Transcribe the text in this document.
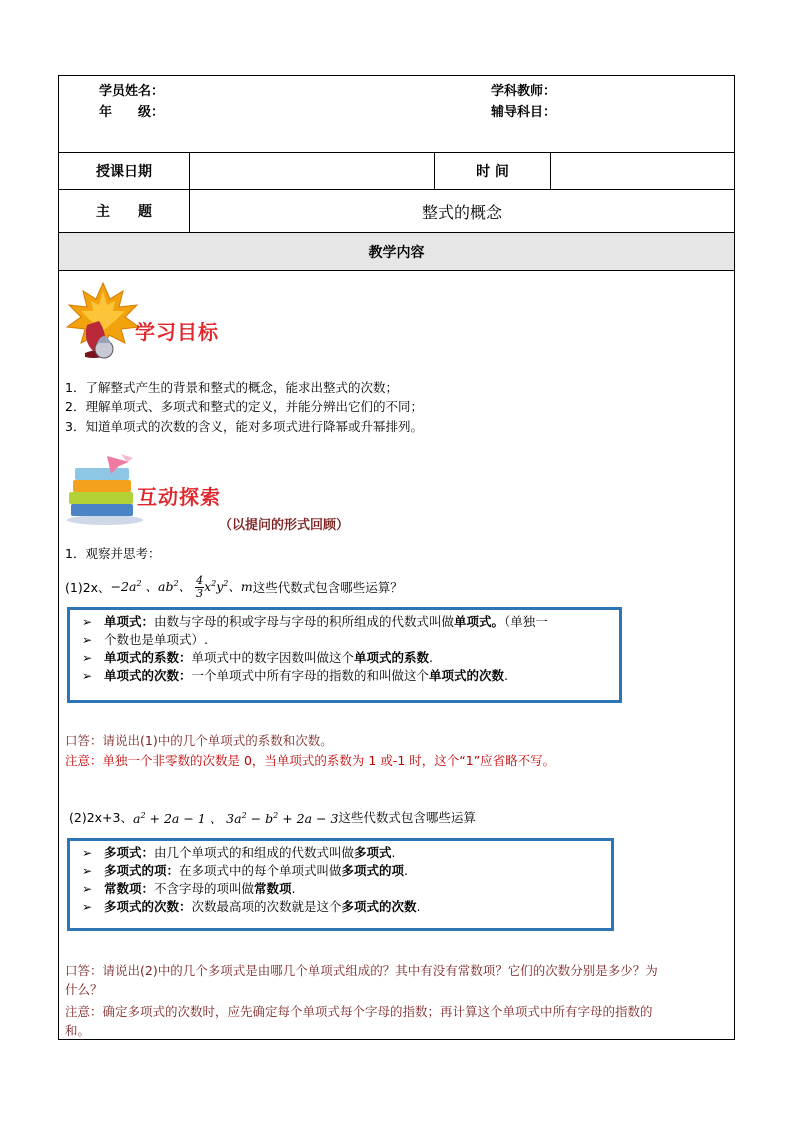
学员姓名：
年　　级：
学科教师：
辅导科目：
授课日期	时 间
主　　题	整式的概念
教学内容
学习目标
1．了解整式产生的背景和整式的概念，能求出整式的次数；
2．理解单项式、多项式和整式的定义，并能分辨出它们的不同；
3．知道单项式的次数的含义，能对多项式进行降幂或升幂排列。
互动探索
（以提问的形式回顾）
1．观察并思考：
(1)2x、 $-2a^2$ 、$ab^2$、 $\frac{4}{3} x^2y^2$、m 这些代数式包含哪些运算？
➢ 单项式：由数与字母的积或字母与字母的积所组成的代数式叫做单项式。（单独一
➢ 个数也是单项式）.
➢ 单项式的系数：单项式中的数字因数叫做这个单项式的系数.
➢ 单项式的次数：一个单项式中所有字母的指数的和叫做这个单项式的次数.
口答：请说出(1)中的几个单项式的系数和次数。
注意：单独一个非零数的次数是 0，当单项式的系数为 1 或-1 时，这个“1”应省略不写。
(2)2x+3、 $a^2 + 2a - 1$ 、 $3a^2 - b^2 + 2a - 3$ 这些代数式包含哪些运算
➢ 多项式：由几个单项式的和组成的代数式叫做多项式.
➢ 多项式的项：在多项式中的每个单项式叫做多项式的项.
➢ 常数项：不含字母的项叫做常数项.
➢ 多项式的次数：次数最高项的次数就是这个多项式的次数.
口答：请说出(2)中的几个多项式是由哪几个单项式组成的？其中有没有常数项？它们的次数分别是多少？为
什么？
注意：确定多项式的次数时，应先确定每个单项式每个字母的指数；再计算这个单项式中所有字母的指数的
和。
